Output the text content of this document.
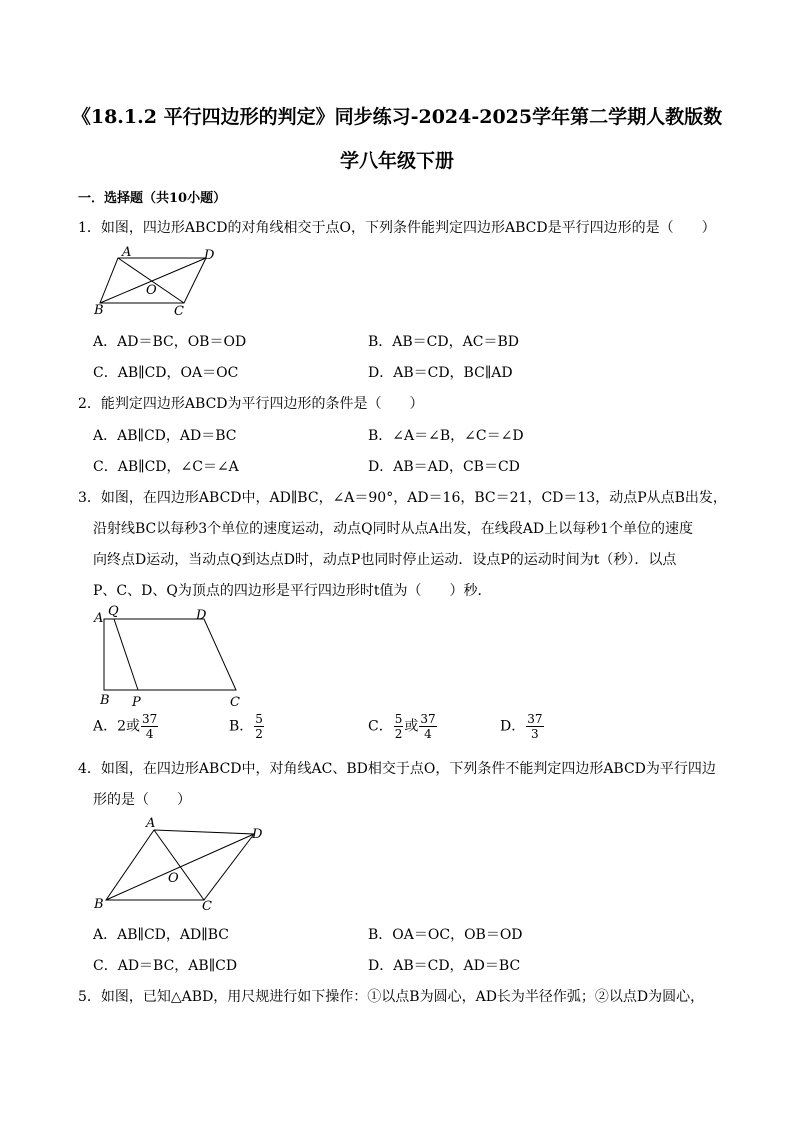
《18.1.2 平行四边形的判定》同步练习-2024-2025学年第二学期人教版数
学八年级下册
一．选择题（共10小题）
1．如图，四边形ABCD的对角线相交于点O，下列条件能判定四边形ABCD是平行四边形的是（　　）
A	D
O
B	C
A．AD＝BC，OB＝OD	B．AB＝CD，AC＝BD
C．AB∥CD，OA＝OC	D．AB＝CD，BC∥AD
2．能判定四边形ABCD为平行四边形的条件是（　　）
A．AB∥CD，AD＝BC	B．∠A＝∠B，∠C＝∠D
C．AB∥CD，∠C＝∠A	D．AB＝AD，CB＝CD
3．如图，在四边形ABCD中，AD∥BC，∠A＝90°，AD＝16，BC＝21，CD＝13，动点P从点B出发，
沿射线BC以每秒3个单位的速度运动，动点Q同时从点A出发，在线段AD上以每秒1个单位的速度
向终点D运动，当动点Q到达点D时，动点P也同时停止运动．设点P的运动时间为t（秒）．以点
P、C、D、Q为顶点的四边形是平行四边形时t值为（　　）秒．
A Q	D
B P	C
A．2或 $\frac{37}{4}$	B． $\frac{5}{2}$	C． $\frac{5}{2}$ 或 $\frac{37}{4}$	D． $\frac{37}{3}$
4．如图，在四边形ABCD中，对角线AC、BD相交于点O，下列条件不能判定四边形ABCD为平行四边
形的是（　　）
A
D
O
B	C
A．AB∥CD，AD∥BC	B．OA＝OC，OB＝OD
C．AD＝BC，AB∥CD	D．AB＝CD，AD＝BC
5．如图，已知△ABD，用尺规进行如下操作：①以点B为圆心，AD长为半径作弧；②以点D为圆心，
